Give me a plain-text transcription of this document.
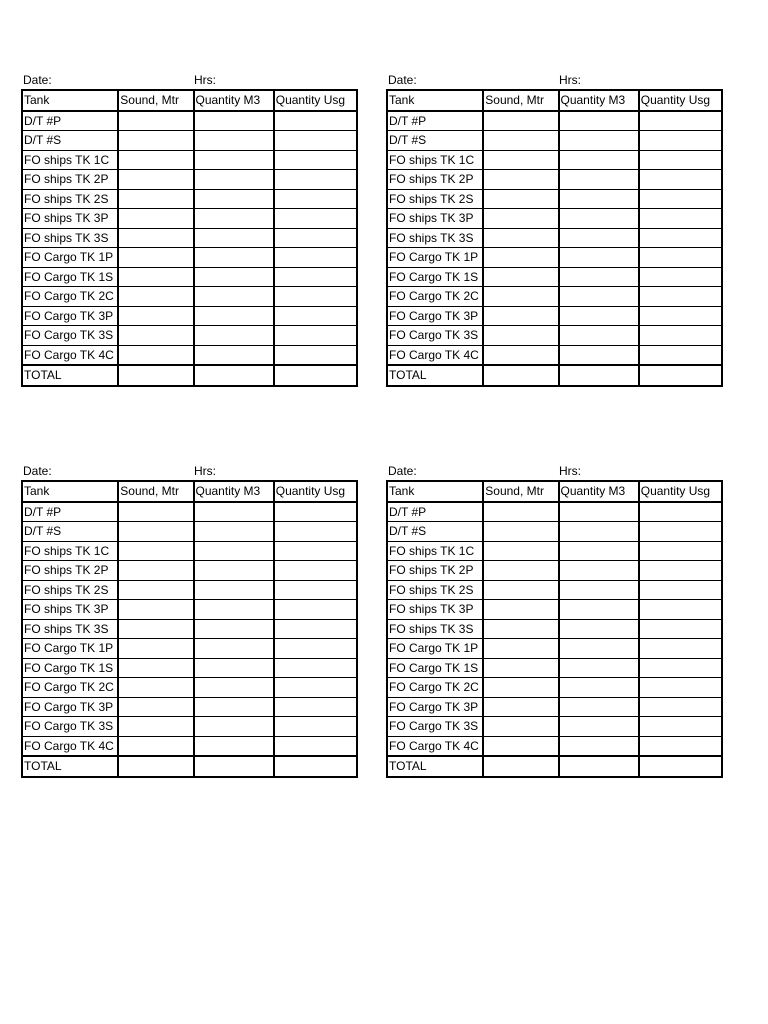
Date:	Hrs:
Tank	Sound, Mtr	Quantity M3	Quantity Usg
D/T #P			
D/T #S			
FO ships TK 1C			
FO ships TK 2P			
FO ships TK 2S			
FO ships TK 3P			
FO ships TK 3S			
FO Cargo TK 1P			
FO Cargo TK 1S			
FO Cargo TK 2C			
FO Cargo TK 3P			
FO Cargo TK 3S			
FO Cargo TK 4C			
TOTAL			
Date:	Hrs:
Tank	Sound, Mtr	Quantity M3	Quantity Usg
D/T #P			
D/T #S			
FO ships TK 1C			
FO ships TK 2P			
FO ships TK 2S			
FO ships TK 3P			
FO ships TK 3S			
FO Cargo TK 1P			
FO Cargo TK 1S			
FO Cargo TK 2C			
FO Cargo TK 3P			
FO Cargo TK 3S			
FO Cargo TK 4C			
TOTAL			
Date:	Hrs:
Tank	Sound, Mtr	Quantity M3	Quantity Usg
D/T #P			
D/T #S			
FO ships TK 1C			
FO ships TK 2P			
FO ships TK 2S			
FO ships TK 3P			
FO ships TK 3S			
FO Cargo TK 1P			
FO Cargo TK 1S			
FO Cargo TK 2C			
FO Cargo TK 3P			
FO Cargo TK 3S			
FO Cargo TK 4C			
TOTAL			
Date:	Hrs:
Tank	Sound, Mtr	Quantity M3	Quantity Usg
D/T #P			
D/T #S			
FO ships TK 1C			
FO ships TK 2P			
FO ships TK 2S			
FO ships TK 3P			
FO ships TK 3S			
FO Cargo TK 1P			
FO Cargo TK 1S			
FO Cargo TK 2C			
FO Cargo TK 3P			
FO Cargo TK 3S			
FO Cargo TK 4C			
TOTAL			
